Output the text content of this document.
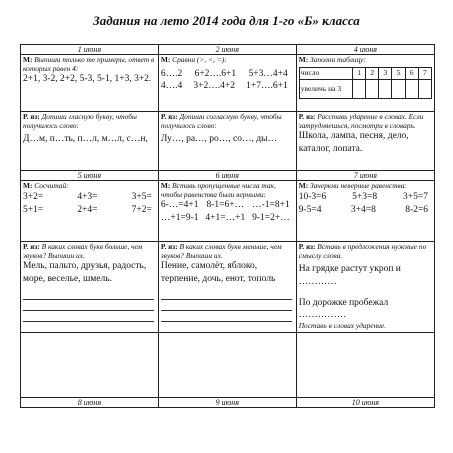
Задания на лето 2014 года для 1-го «Б» класса
1 июня	2 июня	4 июня

М: Выпиши только те примеры, ответ в которых равен 4:
2+1, 3-2, 2+2, 5-3, 5-1, 1+3, 3+2.

М: Сравни (>, <, =):
6….2 6+2….6+1 5+3…4+4
4….4 3+2….4+2 1+7….6+1

М: Заполни таблицу:
число	1	2	3	5	6	7
увеличь на 3						

Р. яз: Допиши гласную букву, чтобы получилось слово:
Д…м, п…ть, п…л, м…л, с…н,

Р. яз: Допиши согласную букву, чтобы получилось слово:
Лу…, ра…, ро…, со…, ды…

Р. яз: Расставь ударение в словах. Если затрудняешься, посмотри в словарь.
Школа, лампа, песня, дело, каталог, лопата.

5 июня	6 июня	7 июня

М: Сосчитай:
3+2=	4+3=	3+5=
5+1=	2+4=	7+2=

М: Вставь пропущенные числа так, чтобы равенства были верными:
6-…=4+1 8-1=6+… …-1=8+1
…+1=9-1 4+1=…+1 9-1=2+…

М: Зачеркни неверные равенства:
10-3=6	5+3=8	3+5=7
9-5=4	3+4=8	8-2=6

Р. яз: В каких словах букв больше, чем звуков? Выпиши их.
Мель, пальто, друзья, радость, море, веселье, шмель.

Р. яз: В каких словах букв меньше, чем звуков? Выпиши их.
Пение, самолёт, яблоко, терпение, дочь, енот, тополь

Р. яз: Вставь в предложения нужные по смыслу слова.
На грядке растут укроп и …………
По дорожке пробежал ……………
Поставь в словах ударение.

8 июня	9 июня	10 июня
